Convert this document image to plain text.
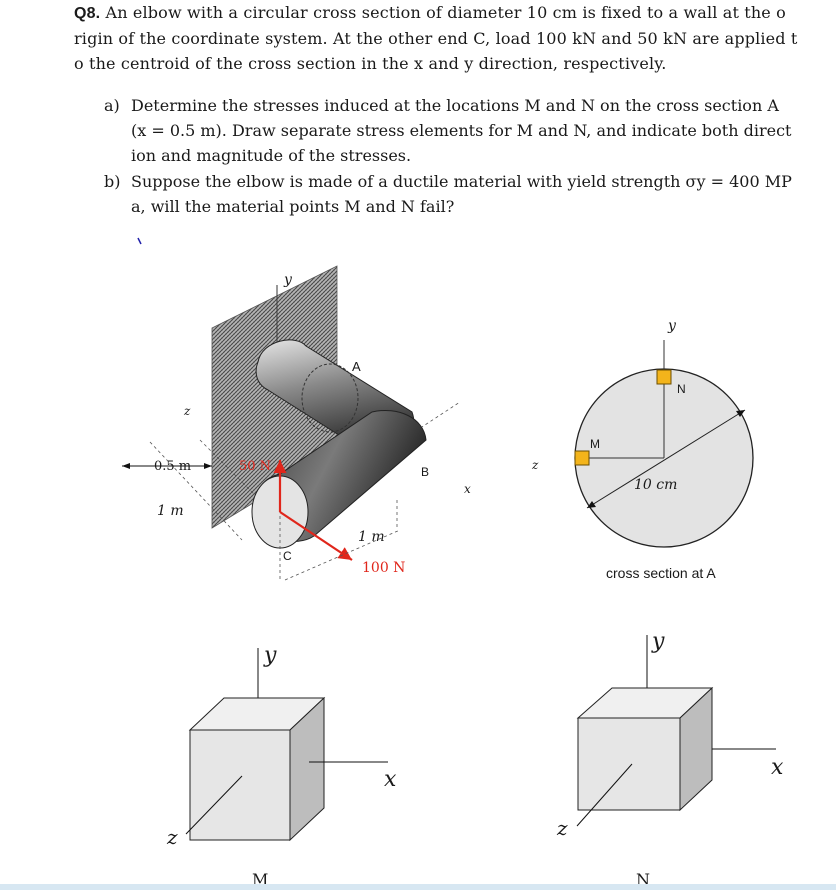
Q8. An elbow with a circular cross section of diameter 10 cm is fixed to a wall at the o
rigin of the coordinate system. At the other end C, load 100 kN and 50 kN are applied t
o the centroid of the cross section in the x and y direction, respectively.
a) Determine the stresses induced at the locations M and N on the cross section A
(x = 0.5 m). Draw separate stress elements for M and N, and indicate both direct
ion and magnitude of the stresses.
b) Suppose the elbow is made of a ductile material with yield strength σy = 400 MP
a, will the material points M and N fail?
y
z
x
A
B
C
0.5 m
1 m
1 m
50 N
100 N
y
z
N
M
10 cm
cross section at A
y
x
z
M
y
x
z
N
